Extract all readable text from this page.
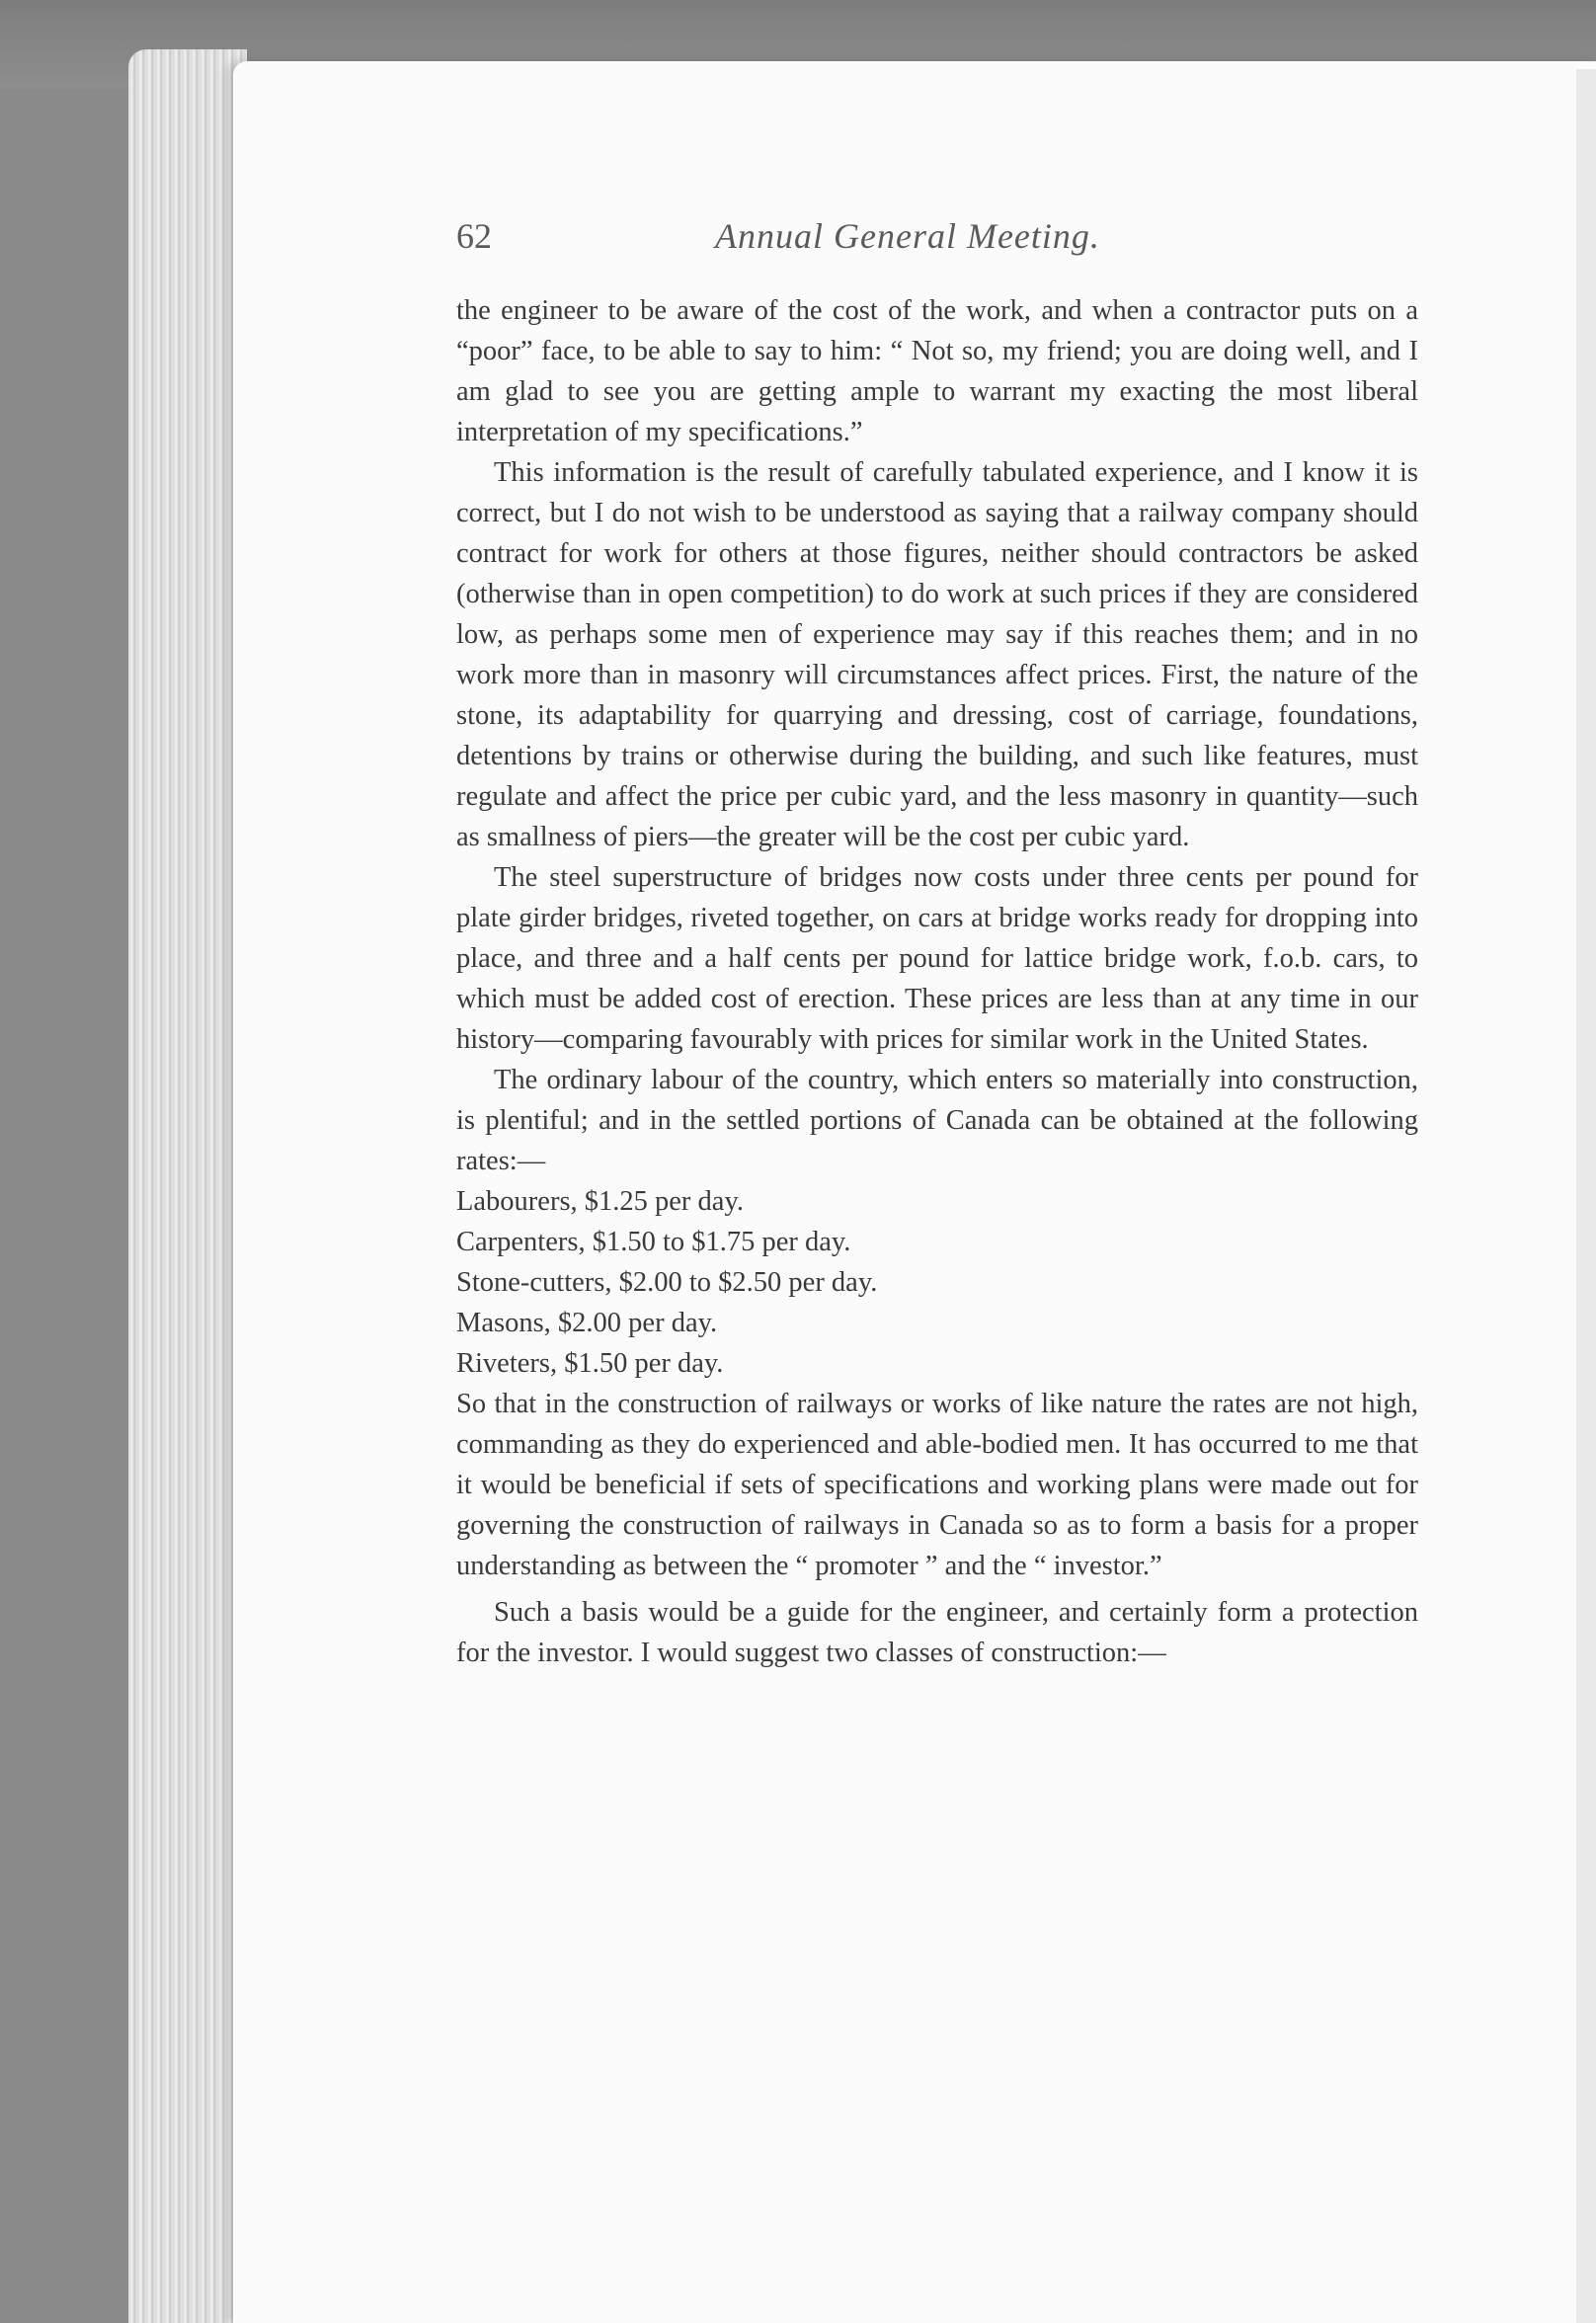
62	Annual General Meeting.

the engineer to be aware of the cost of the work, and when a contractor puts on a “poor” face, to be able to say to him: “ Not so, my friend; you are doing well, and I am glad to see you are getting ample to warrant my exacting the most liberal interpretation of my specifications.”

This information is the result of carefully tabulated experience, and I know it is correct, but I do not wish to be understood as saying that a railway company should contract for work for others at those figures, neither should contractors be asked (otherwise than in open competition) to do work at such prices if they are considered low, as perhaps some men of experience may say if this reaches them; and in no work more than in masonry will circumstances affect prices. First, the nature of the stone, its adaptability for quarrying and dressing, cost of carriage, foundations, detentions by trains or otherwise during the building, and such like features, must regulate and affect the price per cubic yard, and the less masonry in quantity—such as smallness of piers—the greater will be the cost per cubic yard.

The steel superstructure of bridges now costs under three cents per pound for plate girder bridges, riveted together, on cars at bridge works ready for dropping into place, and three and a half cents per pound for lattice bridge work, f.o.b. cars, to which must be added cost of erection. These prices are less than at any time in our history—comparing favourably with prices for similar work in the United States.

The ordinary labour of the country, which enters so materially into construction, is plentiful; and in the settled portions of Canada can be obtained at the following rates:—

Labourers, $1.25 per day.

Carpenters, $1.50 to $1.75 per day.

Stone-cutters, $2.00 to $2.50 per day.

Masons, $2.00 per day.

Riveters, $1.50 per day.

So that in the construction of railways or works of like nature the rates are not high, commanding as they do experienced and able-bodied men. It has occurred to me that it would be beneficial if sets of specifications and working plans were made out for governing the construction of railways in Canada so as to form a basis for a proper understanding as between the “ promoter ” and the “ investor.”

Such a basis would be a guide for the engineer, and certainly form a protection for the investor. I would suggest two classes of construction:—
